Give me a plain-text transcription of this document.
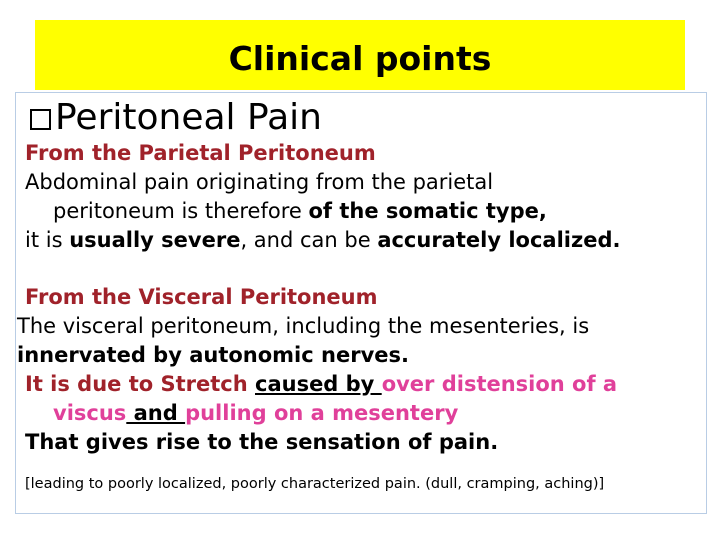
Clinical points
Peritoneal Pain
From the Parietal Peritoneum
Abdominal pain originating from the parietal
peritoneum is therefore of the somatic type,
it is usually severe, and can be accurately localized.
From the Visceral Peritoneum
The visceral peritoneum, including the mesenteries, is
innervated by autonomic nerves.
It is due to Stretch caused by over distension of a
viscus and pulling on a mesentery
That gives rise to the sensation of pain.
[leading to poorly localized, poorly characterized pain. (dull, cramping, aching)]
